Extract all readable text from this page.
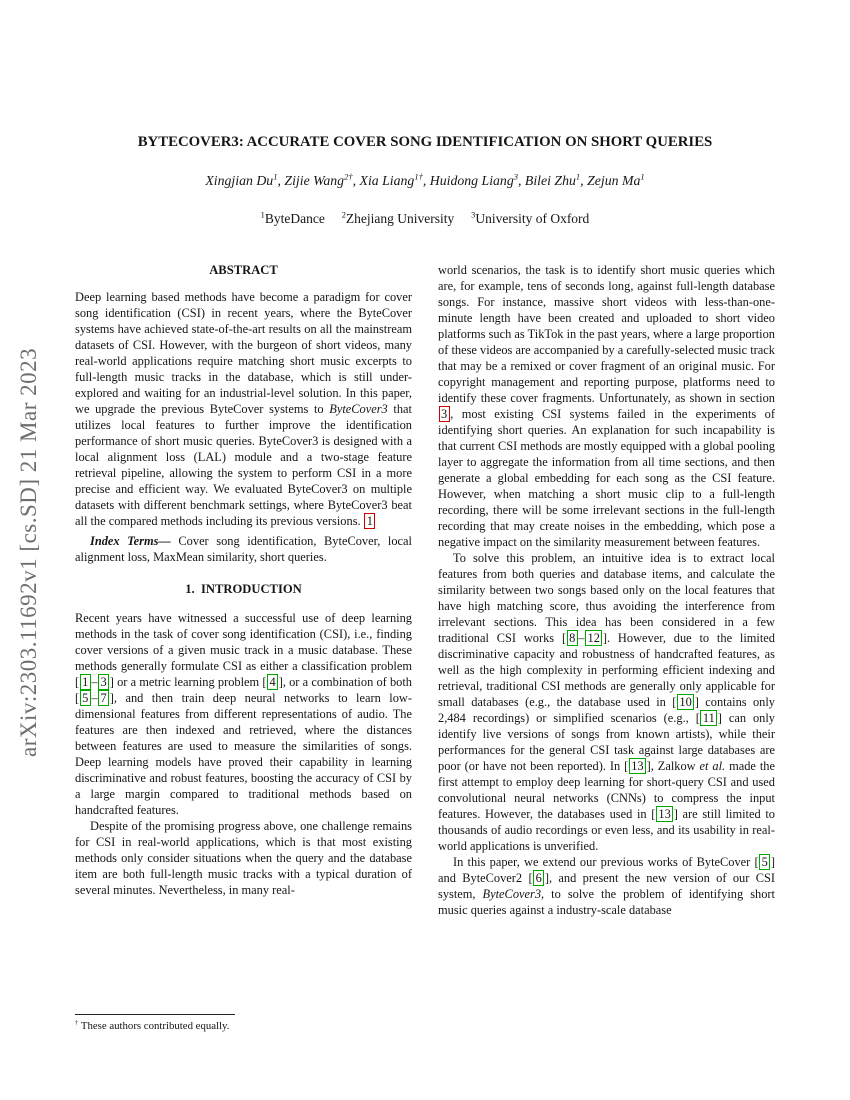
arXiv:2303.11692v1 [cs.SD] 21 Mar 2023
BYTECOVER3: ACCURATE COVER SONG IDENTIFICATION ON SHORT QUERIES
Xingjian Du$^1$, Zijie Wang$^{2\dagger}$, Xia Liang$^{1\dagger}$, Huidong Liang$^3$, Bilei Zhu$^1$, Zejun Ma$^1$
$^1$ByteDance $^2$Zhejiang University $^3$University of Oxford
ABSTRACT

Deep learning based methods have become a paradigm for cover song identification (CSI) in recent years, where the ByteCover systems have achieved state-of-the-art results on all the mainstream datasets of CSI. However, with the burgeon of short videos, many real-world applications require matching short music excerpts to full-length music tracks in the database, which is still under-explored and waiting for an industrial-level solution. In this paper, we upgrade the previous ByteCover systems to ByteCover3 that utilizes local features to further improve the identification performance of short music queries. ByteCover3 is designed with a local alignment loss (LAL) module and a two-stage feature retrieval pipeline, allowing the system to perform CSI in a more precise and efficient way. We evaluated ByteCover3 on multiple datasets with different benchmark settings, where ByteCover3 beat all the compared methods including its previous versions. 1

Index Terms— Cover song identification, ByteCover, local alignment loss, MaxMean similarity, short queries.

1.  INTRODUCTION

Recent years have witnessed a successful use of deep learning methods in the task of cover song identification (CSI), i.e., finding cover versions of a given music track in a music database. These methods generally formulate CSI as either a classification problem [ 1 – 3 ] or a metric learning problem [ 4 ], or a combination of both [ 5 – 7 ], and then train deep neural networks to learn low-dimensional features from different representations of audio. The features are then indexed and retrieved, where the distances between features are used to measure the similarities of songs. Deep learning models have proved their capability in learning discriminative and robust features, boosting the accuracy of CSI by a large margin compared to traditional methods based on handcrafted features.

Despite of the promising progress above, one challenge remains for CSI in real-world applications, which is that most existing methods only consider situations when the query and the database item are both full-length music tracks with a typical duration of several minutes. Nevertheless, in many real-

world scenarios, the task is to identify short music queries which are, for example, tens of seconds long, against full-length database songs. For instance, massive short videos with less-than-one-minute length have been created and uploaded to short video platforms such as TikTok in the past years, where a large proportion of these videos are accompanied by a carefully-selected music track that may be a remixed or cover fragment of an original music. For copyright management and reporting purpose, platforms need to identify these cover fragments. Unfortunately, as shown in section 3 , most existing CSI systems failed in the experiments of identifying short queries. An explanation for such incapability is that current CSI methods are mostly equipped with a global pooling layer to aggregate the information from all time sections, and then generate a global embedding for each song as the CSI feature. However, when matching a short music clip to a full-length recording, there will be some irrelevant sections in the full-length recording that may create noises in the embedding, which pose a negative impact on the similarity measurement between features.

To solve this problem, an intuitive idea is to extract local features from both queries and database items, and calculate the similarity between two songs based only on the local features that have high matching score, thus avoiding the interference from irrelevant sections. This idea has been considered in a few traditional CSI works [ 8 – 12 ]. However, due to the limited discriminative capacity and robustness of handcrafted features, as well as the high complexity in performing efficient indexing and retrieval, traditional CSI methods are generally only applicable for small databases (e.g., the database used in [ 10 ] contains only 2,484 recordings) or simplified scenarios (e.g., [ 11 ] can only identify live versions of songs from known artists), while their performances for the general CSI task against large databases are poor (or have not been reported). In [ 13 ], Zalkow et al. made the first attempt to employ deep learning for short-query CSI and used convolutional neural networks (CNNs) to compress the input features. However, the databases used in [ 13 ] are still limited to thousands of audio recordings or even less, and its usability in real-world applications is unverified.

In this paper, we extend our previous works of ByteCover [ 5 ] and ByteCover2 [ 6 ], and present the new version of our CSI system, ByteCover3, to solve the problem of identifying short music queries against a industry-scale database

† These authors contributed equally.
